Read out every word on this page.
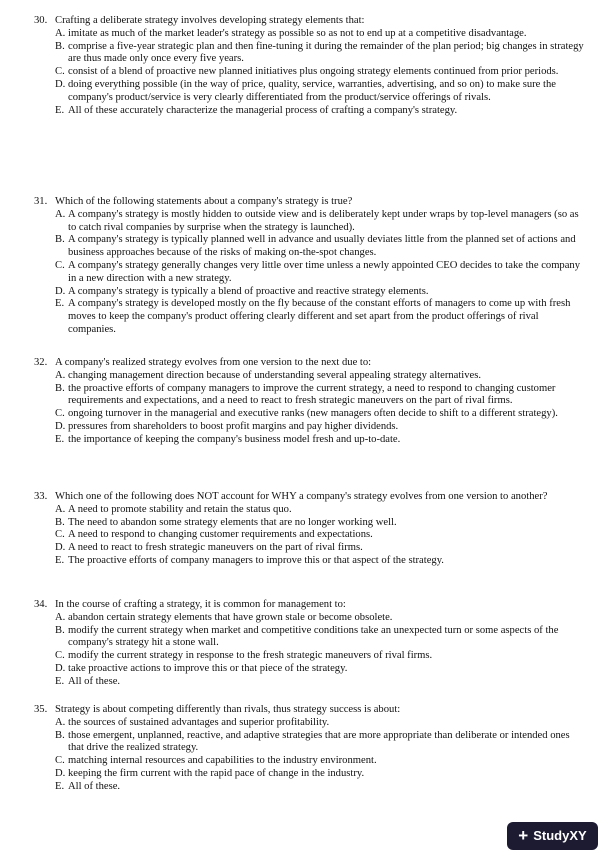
30. Crafting a deliberate strategy involves developing strategy elements that:
A. imitate as much of the market leader's strategy as possible so as not to end up at a competitive disadvantage.
B. comprise a five-year strategic plan and then fine-tuning it during the remainder of the plan period; big changes in strategy are thus made only once every five years.
C. consist of a blend of proactive new planned initiatives plus ongoing strategy elements continued from prior periods.
D. doing everything possible (in the way of price, quality, service, warranties, advertising, and so on) to make sure the company's product/service is very clearly differentiated from the product/service offerings of rivals.
E. All of these accurately characterize the managerial process of crafting a company's strategy.
31. Which of the following statements about a company's strategy is true?
A. A company's strategy is mostly hidden to outside view and is deliberately kept under wraps by top-level managers (so as to catch rival companies by surprise when the strategy is launched).
B. A company's strategy is typically planned well in advance and usually deviates little from the planned set of actions and business approaches because of the risks of making on-the-spot changes.
C. A company's strategy generally changes very little over time unless a newly appointed CEO decides to take the company in a new direction with a new strategy.
D. A company's strategy is typically a blend of proactive and reactive strategy elements.
E. A company's strategy is developed mostly on the fly because of the constant efforts of managers to come up with fresh moves to keep the company's product offering clearly different and set apart from the product offerings of rival companies.
32. A company's realized strategy evolves from one version to the next due to:
A. changing management direction because of understanding several appealing strategy alternatives.
B. the proactive efforts of company managers to improve the current strategy, a need to respond to changing customer requirements and expectations, and a need to react to fresh strategic maneuvers on the part of rival firms.
C. ongoing turnover in the managerial and executive ranks (new managers often decide to shift to a different strategy).
D. pressures from shareholders to boost profit margins and pay higher dividends.
E. the importance of keeping the company's business model fresh and up-to-date.
33. Which one of the following does NOT account for WHY a company's strategy evolves from one version to another?
A. A need to promote stability and retain the status quo.
B. The need to abandon some strategy elements that are no longer working well.
C. A need to respond to changing customer requirements and expectations.
D. A need to react to fresh strategic maneuvers on the part of rival firms.
E. The proactive efforts of company managers to improve this or that aspect of the strategy.
34. In the course of crafting a strategy, it is common for management to:
A. abandon certain strategy elements that have grown stale or become obsolete.
B. modify the current strategy when market and competitive conditions take an unexpected turn or some aspects of the company's strategy hit a stone wall.
C. modify the current strategy in response to the fresh strategic maneuvers of rival firms.
D. take proactive actions to improve this or that piece of the strategy.
E. All of these.
35. Strategy is about competing differently than rivals, thus strategy success is about:
A. the sources of sustained advantages and superior profitability.
B. those emergent, unplanned, reactive, and adaptive strategies that are more appropriate than deliberate or intended ones that drive the realized strategy.
C. matching internal resources and capabilities to the industry environment.
D. keeping the firm current with the rapid pace of change in the industry.
E. All of these.
+ StudyXY
